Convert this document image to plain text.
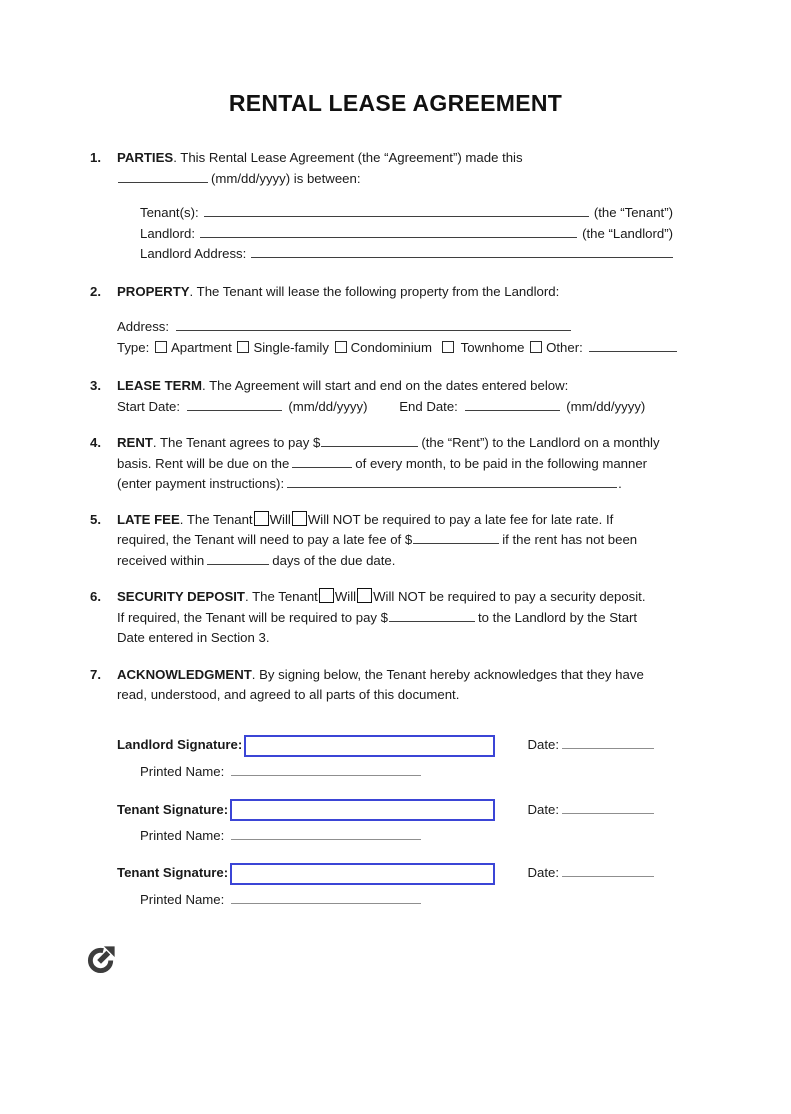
RENTAL LEASE AGREEMENT
1.	PARTIES. This Rental Lease Agreement (the “Agreement”) made this
(mm/dd/yyyy) is between:
Tenant(s):	(the “Tenant”)
Landlord:	(the “Landlord”)
Landlord Address:
2.	PROPERTY. The Tenant will lease the following property from the Landlord:
Address:
Type: Apartment Single-family Condominium Townhome Other:
3.	LEASE TERM. The Agreement will start and end on the dates entered below:
Start Date:	(mm/dd/yyyy) End Date:	(mm/dd/yyyy)
4.	RENT. The Tenant agrees to pay $	(the “Rent”) to the Landlord on a monthly
basis. Rent will be due on the	of every month, to be paid in the following manner
(enter payment instructions):	.
5.	LATE FEE. The Tenant Will Will NOT be required to pay a late fee for late rate. If
required, the Tenant will need to pay a late fee of $	if the rent has not been
received within	days of the due date.
6.	SECURITY DEPOSIT. The Tenant Will Will NOT be required to pay a security deposit.
If required, the Tenant will be required to pay $	to the Landlord by the Start
Date entered in Section 3.
7.	ACKNOWLEDGMENT. By signing below, the Tenant hereby acknowledges that they have
read, understood, and agreed to all parts of this document.
Landlord Signature:	Date:
Printed Name:
Tenant Signature:	Date:
Printed Name:
Tenant Signature:	Date:
Printed Name:
